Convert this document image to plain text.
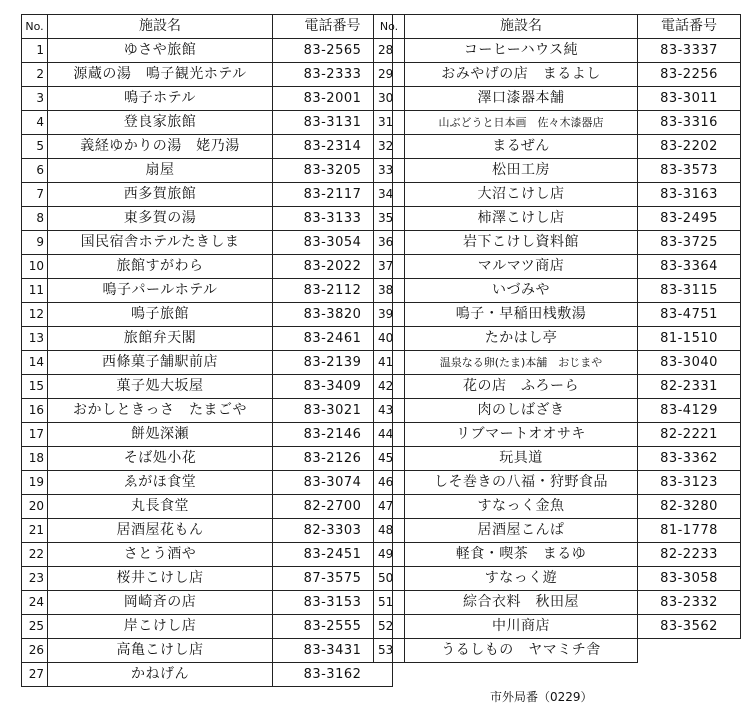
No.	施設名	電話番号
1	ゆさや旅館	83-2565
2	源蔵の湯　鳴子観光ホテル	83-2333
3	鳴子ホテル	83-2001
4	登良家旅館	83-3131
5	義経ゆかりの湯　姥乃湯	83-2314
6	扇屋	83-3205
7	西多賀旅館	83-2117
8	東多賀の湯	83-3133
9	国民宿舎ホテルたきしま	83-3054
10	旅館すがわら	83-2022
11	鳴子パールホテル	83-2112
12	鳴子旅館	83-3820
13	旅館弁天閣	83-2461
14	西條菓子舗駅前店	83-2139
15	菓子処大坂屋	83-3409
16	おかしときっさ　たまごや	83-3021
17	餅処深瀬	83-2146
18	そば処小花	83-2126
19	ゑがほ食堂	83-3074
20	丸長食堂	82-2700
21	居酒屋花もん	82-3303
22	さとう酒や	83-2451
23	桜井こけし店	87-3575
24	岡崎斉の店	83-3153
25	岸こけし店	83-2555
26	高亀こけし店	83-3431
27	かねげん	83-3162
No.	施設名	電話番号
28	コーヒーハウス純	83-3337
29	おみやげの店　まるよし	83-2256
30	澤口漆器本舗	83-3011
31	山ぶどうと日本画　佐々木漆器店	83-3316
32	まるぜん	83-2202
33	松田工房	83-3573
34	大沼こけし店	83-3163
35	柿澤こけし店	83-2495
36	岩下こけし資料館	83-3725
37	マルマツ商店	83-3364
38	いづみや	83-3115
39	鳴子・早稲田桟敷湯	83-4751
40	たかはし亭	81-1510
41	温泉なる卵(たま)本舗　おじまや	83-3040
42	花の店　ふろーら	82-2331
43	肉のしばざき	83-4129
44	リブマートオオサキ	82-2221
45	玩具道	83-3362
46	しそ巻きの八福・狩野食品	83-3123
47	すなっく金魚	82-3280
48	居酒屋こんぱ	81-1778
49	軽食・喫茶　まるゆ	82-2233
50	すなっく遊	83-3058
51	綜合衣料　秋田屋	83-2332
52	中川商店	83-3562
53	うるしもの　ヤマミチ舎	
市外局番（0229）
